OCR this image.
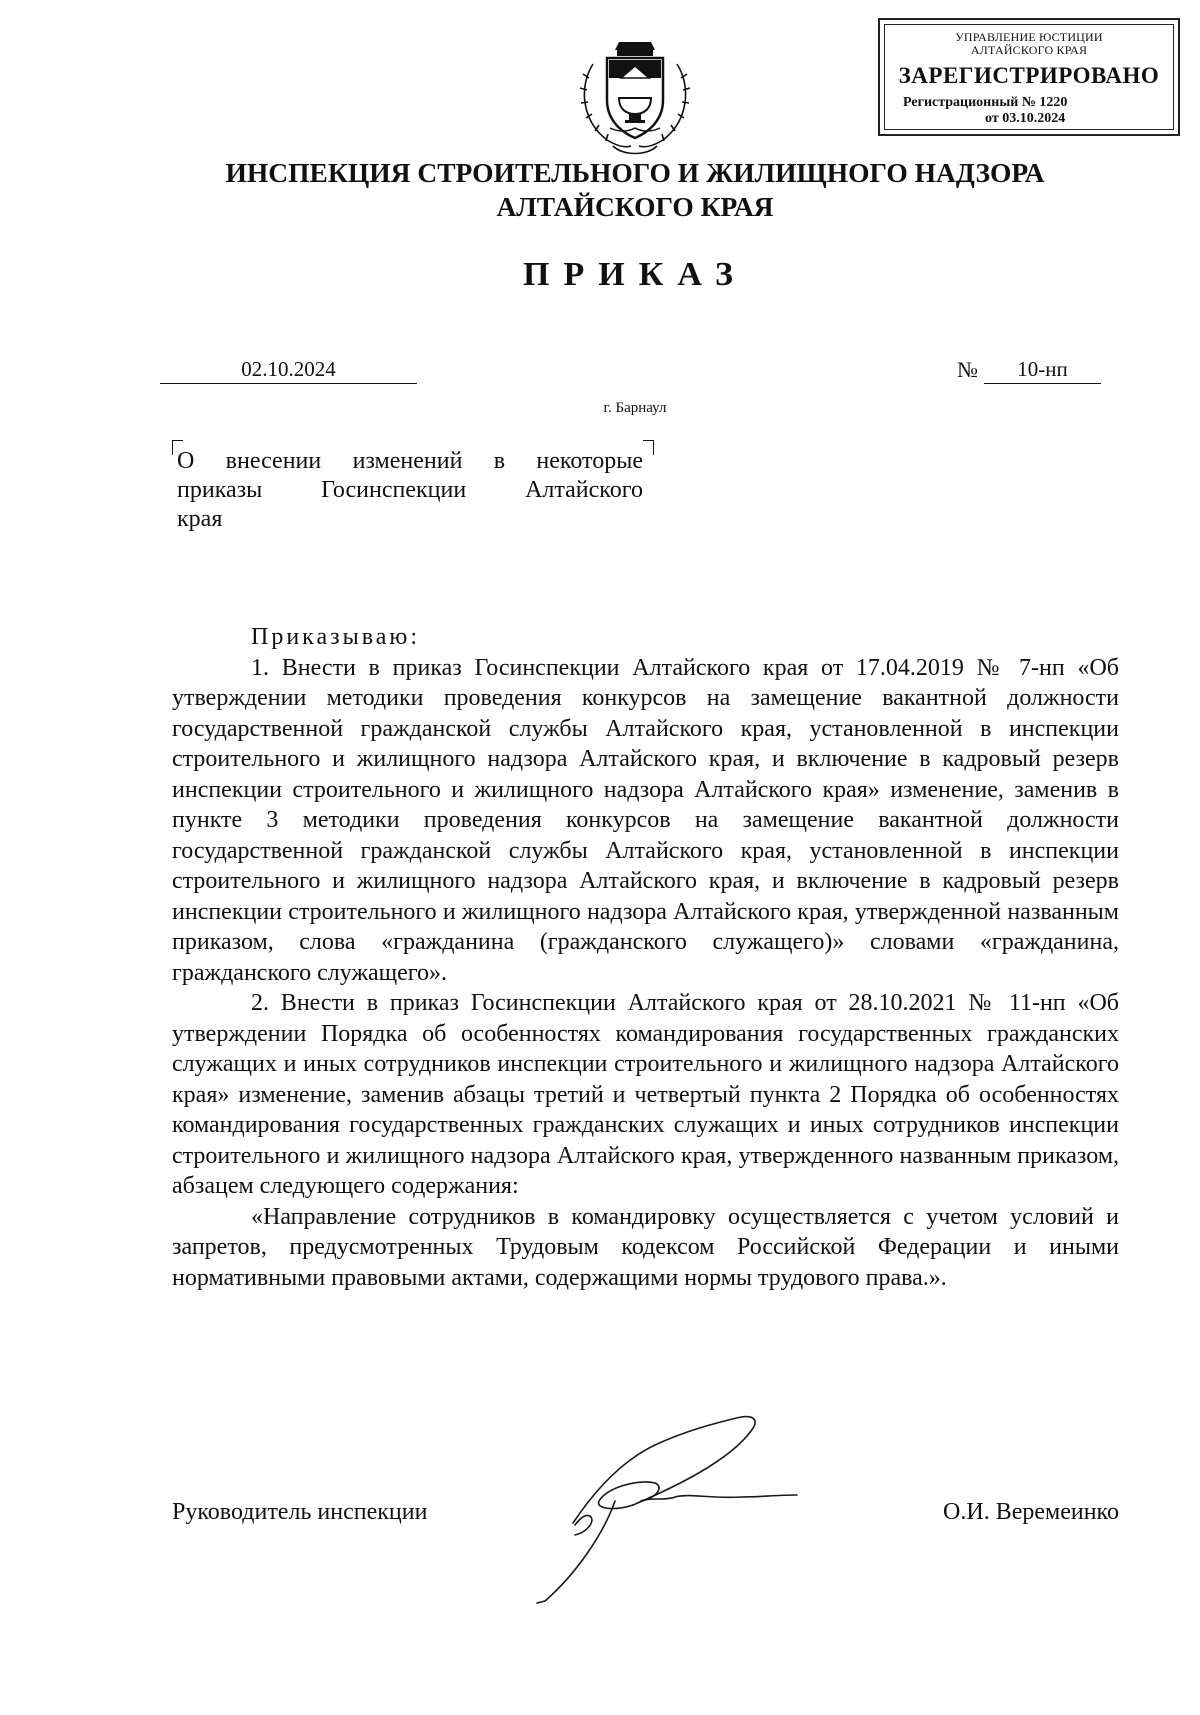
УПРАВЛЕНИЕ ЮСТИЦИИ
АЛТАЙСКОГО КРАЯ
ЗАРЕГИСТРИРОВАНО
Регистрационный № 1220
от 03.10.2024
ИНСПЕКЦИЯ СТРОИТЕЛЬНОГО И ЖИЛИЩНОГО НАДЗОРА
АЛТАЙСКОГО КРАЯ
ПРИКАЗ
02.10.2024	№	10-нп
г. Барнаул
О внесении изменений в некоторые
приказы Госинспекции Алтайского
края
Приказываю:

1. Внести в приказ Госинспекции Алтайского края от 17.04.2019 № 7-нп «Об утверждении методики проведения конкурсов на замещение вакантной должности государственной гражданской службы Алтайского края, установленной в инспекции строительного и жилищного надзора Алтайского края, и включение в кадровый резерв инспекции строительного и жилищного надзора Алтайского края» изменение, заменив в пункте 3 методики проведения конкурсов на замещение вакантной должности государственной гражданской службы Алтайского края, установленной в инспекции строительного и жилищного надзора Алтайского края, и включение в кадровый резерв инспекции строительного и жилищного надзора Алтайского края, утвержденной названным приказом, слова «гражданина (гражданского служащего)» словами «гражданина, гражданского служащего».

2. Внести в приказ Госинспекции Алтайского края от 28.10.2021 № 11-нп «Об утверждении Порядка об особенностях командирования государственных гражданских служащих и иных сотрудников инспекции строительного и жилищного надзора Алтайского края» изменение, заменив абзацы третий и четвертый пункта 2 Порядка об особенностях командирования государственных гражданских служащих и иных сотрудников инспекции строительного и жилищного надзора Алтайского края, утвержденного названным приказом, абзацем следующего содержания:

«Направление сотрудников в командировку осуществляется с учетом условий и запретов, предусмотренных Трудовым кодексом Российской Федерации и иными нормативными правовыми актами, содержащими нормы трудового права.».

Руководитель инспекции	О.И. Веремеинко
